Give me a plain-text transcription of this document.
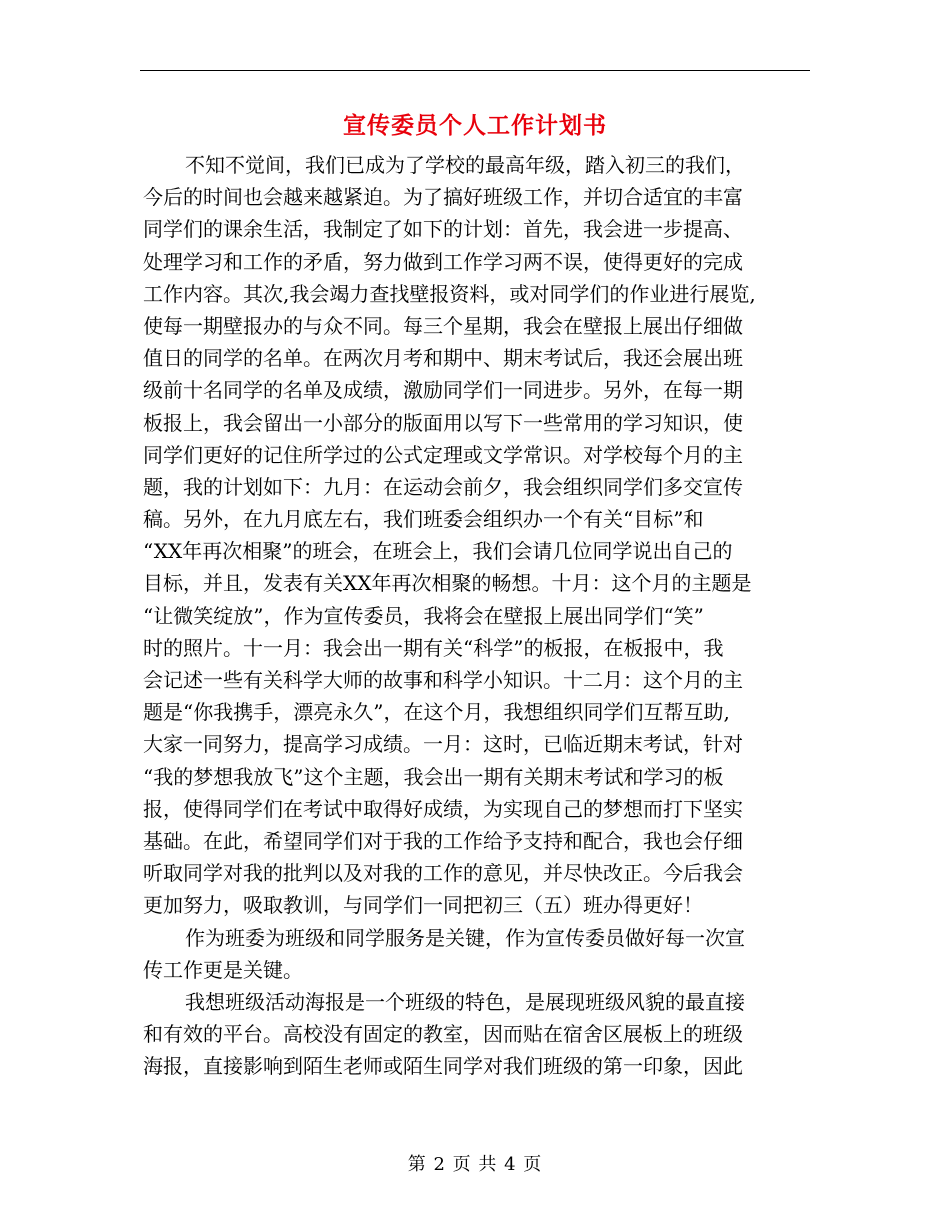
宣传委员个人工作计划书
不知不觉间，我们已成为了学校的最高年级，踏入初三的我们，
今后的时间也会越来越紧迫。为了搞好班级工作，并切合适宜的丰富
同学们的课余生活，我制定了如下的计划：首先，我会进一步提高、
处理学习和工作的矛盾，努力做到工作学习两不误，使得更好的完成
工作内容。其次,我会竭力查找壁报资料，或对同学们的作业进行展览,
使每一期壁报办的与众不同。每三个星期，我会在壁报上展出仔细做
值日的同学的名单。在两次月考和期中、期末考试后，我还会展出班
级前十名同学的名单及成绩，激励同学们一同进步。另外，在每一期
板报上，我会留出一小部分的版面用以写下一些常用的学习知识，使
同学们更好的记住所学过的公式定理或文学常识。对学校每个月的主
题，我的计划如下：九月：在运动会前夕，我会组织同学们多交宣传
稿。另外，在九月底左右，我们班委会组织办一个有关“目标”和
“XX年再次相聚”的班会，在班会上，我们会请几位同学说出自己的
目标，并且，发表有关XX年再次相聚的畅想。十月：这个月的主题是
“让微笑绽放”，作为宣传委员，我将会在壁报上展出同学们“笑”
时的照片。十一月：我会出一期有关“科学”的板报，在板报中，我
会记述一些有关科学大师的故事和科学小知识。十二月：这个月的主
题是“你我携手，漂亮永久”，在这个月，我想组织同学们互帮互助,
大家一同努力，提高学习成绩。一月：这时，已临近期末考试，针对
“我的梦想我放飞”这个主题，我会出一期有关期末考试和学习的板
报，使得同学们在考试中取得好成绩，为实现自己的梦想而打下坚实
基础。在此，希望同学们对于我的工作给予支持和配合，我也会仔细
听取同学对我的批判以及对我的工作的意见，并尽快改正。今后我会
更加努力，吸取教训，与同学们一同把初三（五）班办得更好！
作为班委为班级和同学服务是关键，作为宣传委员做好每一次宣
传工作更是关键。
我想班级活动海报是一个班级的特色，是展现班级风貌的最直接
和有效的平台。高校没有固定的教室，因而贴在宿舍区展板上的班级
海报，直接影响到陌生老师或陌生同学对我们班级的第一印象，因此
第 2 页 共 4 页
